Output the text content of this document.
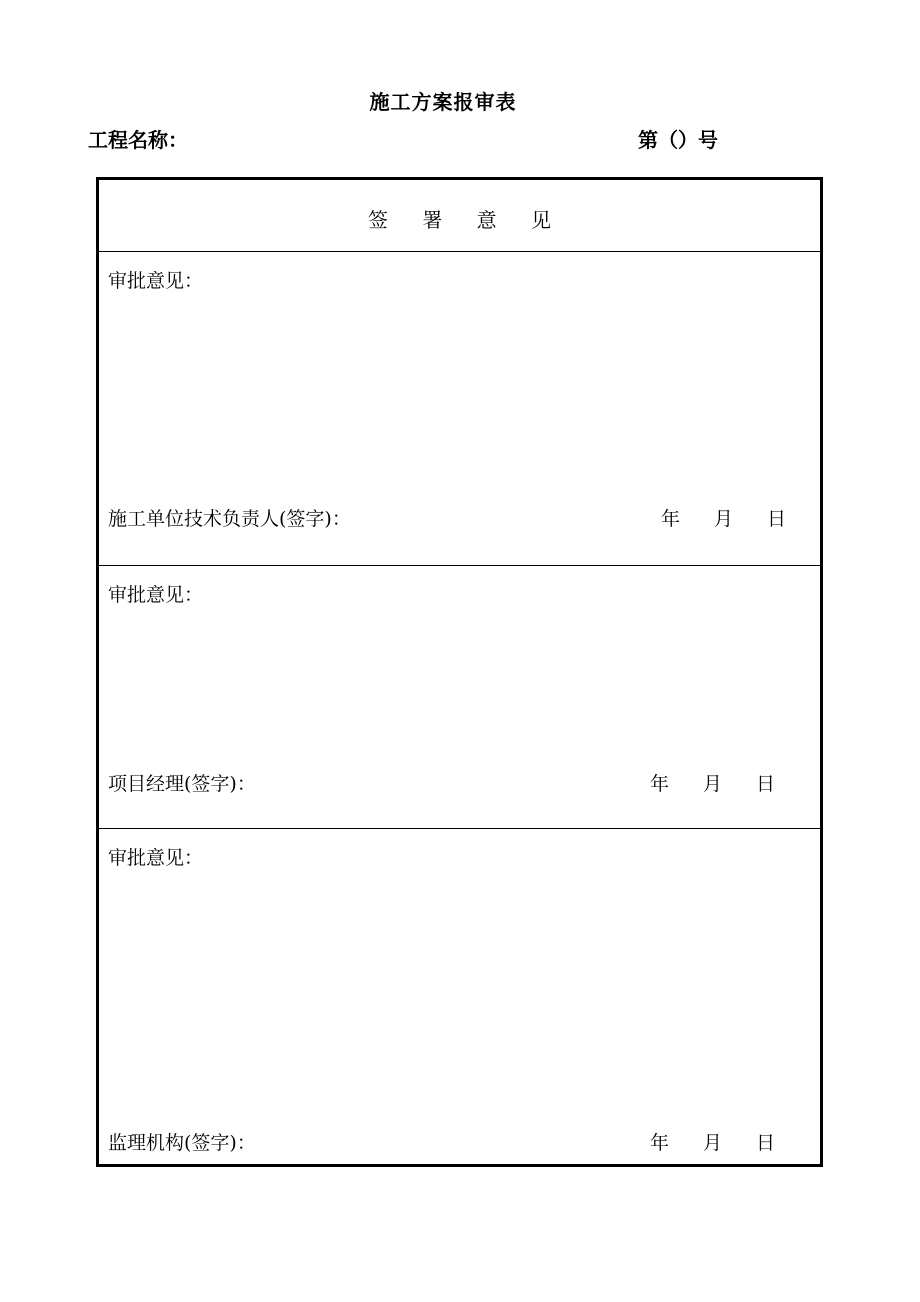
施工方案报审表
工程名称：	第（）号
签 署 意 见
审批意见：
施工单位技术负责人(签字)：	年 月 日
审批意见：
项目经理(签字)：	年 月 日
审批意见：
监理机构(签字)：	年 月 日
